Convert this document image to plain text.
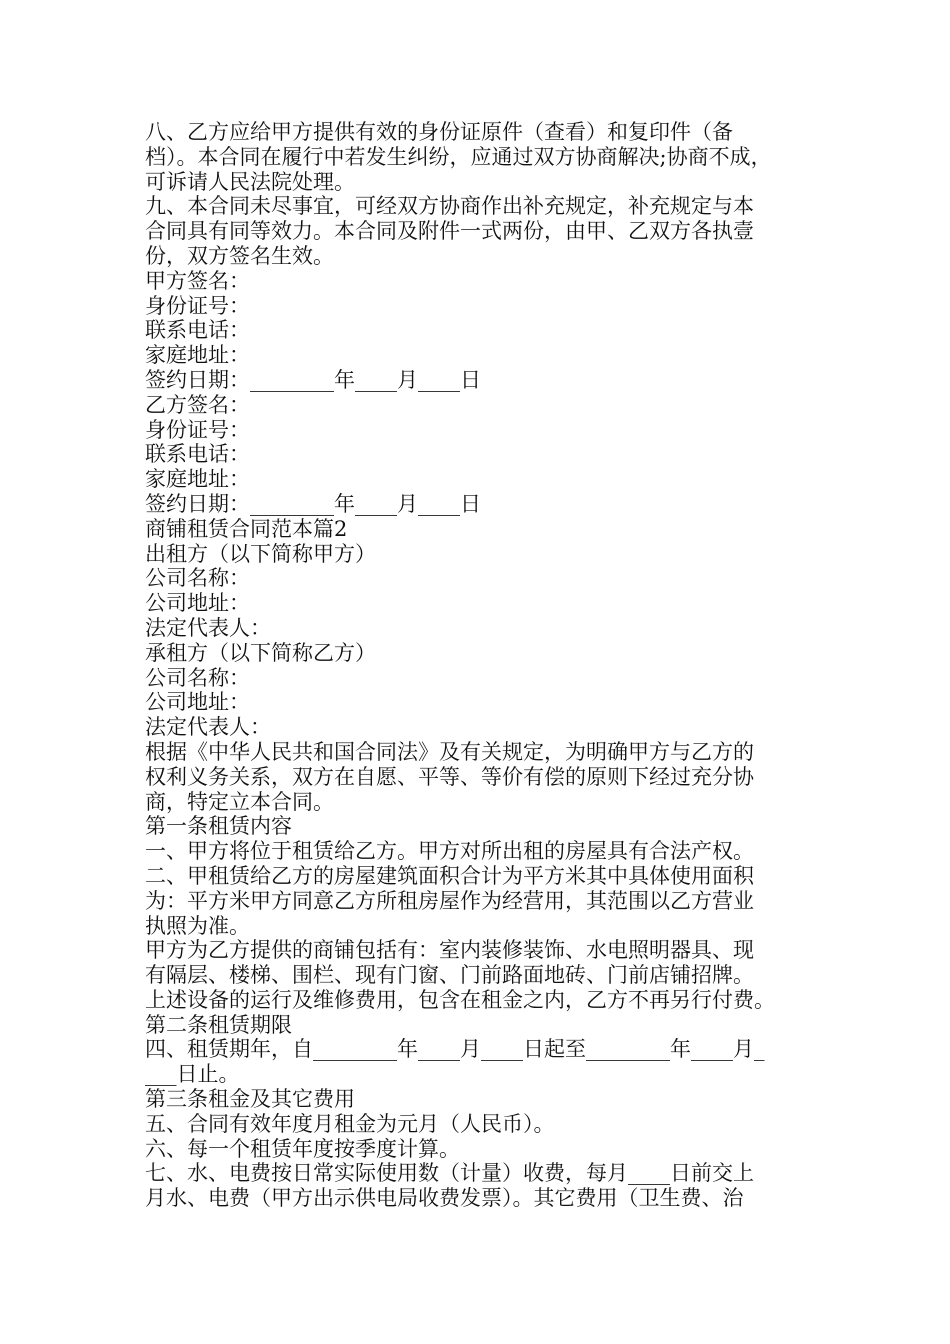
八、乙方应给甲方提供有效的身份证原件（查看）和复印件（备
档）。本合同在履行中若发生纠纷，应通过双方协商解决;协商不成，
可诉请人民法院处理。
九、本合同未尽事宜，可经双方协商作出补充规定，补充规定与本
合同具有同等效力。本合同及附件一式两份，由甲、乙双方各执壹
份，双方签名生效。
甲方签名：
身份证号：
联系电话：
家庭地址：
签约日期：________年____月____日
乙方签名：
身份证号：
联系电话：
家庭地址：
签约日期：________年____月____日
商铺租赁合同范本篇2
出租方（以下简称甲方）
公司名称：
公司地址：
法定代表人：
承租方（以下简称乙方）
公司名称：
公司地址：
法定代表人：
根据《中华人民共和国合同法》及有关规定，为明确甲方与乙方的
权利义务关系，双方在自愿、平等、等价有偿的原则下经过充分协
商，特定立本合同。
第一条租赁内容
一、甲方将位于租赁给乙方。甲方对所出租的房屋具有合法产权。
二、甲租赁给乙方的房屋建筑面积合计为平方米其中具体使用面积
为：平方米甲方同意乙方所租房屋作为经营用，其范围以乙方营业
执照为准。
甲方为乙方提供的商铺包括有：室内装修装饰、水电照明器具、现
有隔层、楼梯、围栏、现有门窗、门前路面地砖、门前店铺招牌。
上述设备的运行及维修费用，包含在租金之内，乙方不再另行付费。
第二条租赁期限
四、租赁期年，自________年____月____日起至________年____月_
___日止。
第三条租金及其它费用
五、合同有效年度月租金为元月（人民币）。
六、每一个租赁年度按季度计算。
七、水、电费按日常实际使用数（计量）收费，每月____日前交上
月水、电费（甲方出示供电局收费发票）。其它费用（卫生费、治
